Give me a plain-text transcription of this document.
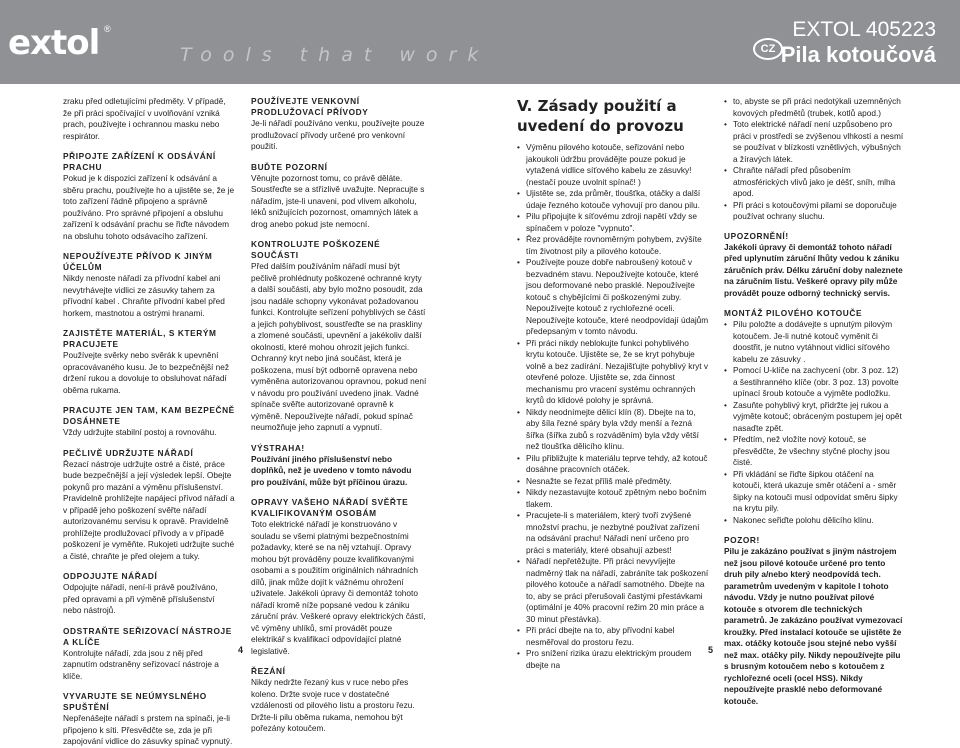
extol ®
Tools that work	CZ
EXTOL 405223
Pila kotoučová

zraku před odletujícími předměty. V případě, že při práci spočívající v uvolňování vzniká prach, používejte i ochrannou masku nebo respirátor.

PŘIPOJTE ZAŘÍZENÍ K ODSÁVÁNÍ PRACHU

Pokud je k dispozici zařízení k odsávání a sběru prachu, používejte ho a ujistěte se, že je toto zařízení řádně připojeno a správně používáno. Pro správné připojení a obsluhu zařízení k odsávání prachu se řiďte návodem na obsluhu tohoto odsávacího zařízení.

NEPOUŽÍVEJTE PŘÍVOD K JINÝM ÚČELŮM

Nikdy nenoste nářadí za přívodní kabel ani nevytrhávejte vidlici ze zásuvky tahem za přívodní kabel . Chraňte přívodní kabel před horkem, mastnotou a ostrými hranami.

ZAJISTĚTE MATERIÁL, S KTERÝM PRACUJETE

Používejte svěrky nebo svěrák k upevnění opracovávaného kusu. Je to bezpečnější než držení rukou a dovoluje to obsluhovat nářadí oběma rukama.

PRACUJTE JEN TAM, KAM BEZPEČNĚ DOSÁHNETE

Vždy udržujte stabilní postoj a rovnováhu.

PEČLIVĚ UDRŽUJTE NÁŘADÍ

Řezací nástroje udržujte ostré a čisté, práce bude bezpečnější a její výsledek lepší. Obejte pokynů pro mazání a výměnu příslušenství. Pravidelně prohlížejte napájecí přívod nářadí a v případě jeho poškození svěřte nářadí autorizovanému servisu k opravě. Pravidelně prohlížejte prodlužovací přívody a v případě poškození je vyměňte. Rukojeti udržujte suché a čisté, chraňte je před olejem a tuky.

ODPOJUJTE NÁŘADÍ

Odpojujte nářadí, není-li právě používáno, před opravami a při výměně příslušenství nebo nástrojů.

ODSTRAŇTE SEŘIZOVACÍ NÁSTROJE A KLÍČE

Kontrolujte nářadí, zda jsou z něj před zapnutím odstraněny seřizovací nástroje a klíče.

VYVARUJTE SE NEÚMYSLNÉHO SPUŠTĚNÍ

Nepřenášejte nářadí s prstem na spínači, je-li připojeno k síti. Přesvědčte se, zda je při zapojování vidlice do zásuvky spínač vypnutý.

POUŽÍVEJTE VENKOVNÍ PRODLUŽOVACÍ PŘÍVODY

Je-li nářadí používáno venku, používejte pouze prodlužovací přívody určené pro venkovní použití.

BUĎTE POZORNÍ

Věnujte pozornost tomu, co právě děláte. Soustřeďte se a střízlivě uvažujte. Nepracujte s nářadím, jste-li unaveni, pod vlivem alkoholu, léků snižujících pozornost, omamných látek a drog anebo pokud jste nemocní.

KONTROLUJTE POŠKOZENÉ SOUČÁSTI

Před dalším používáním nářadí musí být pečlivě prohlédnuty poškozené ochranné kryty a další součásti, aby bylo možno posoudit, zda jsou nadále schopny vykonávat požadovanou funkci. Kontrolujte seřízení pohyblivých se částí a jejich pohyblivost, soustřeďte se na praskliny a zlomené součásti, upevnění a jakékoliv další okolnosti, které mohou ohrozit jejich funkci. Ochranný kryt nebo jiná součást, která je poškozena, musí být odborně opravena nebo vyměněna autorizovanou opravnou, pokud není v návodu pro používání uvedeno jinak. Vadné spínače svěřte autorizované opravně k výměně. Nepoužívejte nářadí, pokud spínač neumožňuje jeho zapnutí a vypnutí.

VÝSTRAHA!

Používání jiného příslušenství nebo doplňků, než je uvedeno v tomto návodu pro používání, může být příčinou úrazu.

OPRAVY VAŠEHO NÁŘADÍ SVĚŘTE KVALIFIKOVANÝM OSOBÁM

Toto elektrické nářadí je konstruováno v souladu se všemi platnými bezpečnostními požadavky, které se na něj vztahují. Opravy mohou být prováděny pouze kvalifikovanými osobami a s použitím originálních náhradních dílů, jinak může dojít k vážnému ohrožení uživatele. Jakékoli úpravy či demontáž tohoto nářadí kromě níže popsané vedou k zániku záruční práv. Veškeré opravy elektrických částí, vč výměny uhlíků, smí provádět pouze elektrikář s kvalifikací odpovídající platné legislativě.

ŘEZÁNÍ

Nikdy nedržte řezaný kus v ruce nebo přes koleno. Držte svoje ruce v dostatečné vzdálenosti od pilového listu a prostoru řezu. Držte-li pilu oběma rukama, nemohou být pořezány kotoučem.

V. Zásady použití a uvedení do provozu
• Výměnu pilového kotouče, seřizování nebo jakoukoli údržbu provádějte pouze pokud je vytažená vidlice síťového kabelu ze zásuvky!(nestačí pouze uvolnit spínač! )
• Ujistěte se, zda průměr, tloušťka, otáčky a další údaje řezného kotouče vyhovují pro danou pilu.
• Pilu připojujte k síťovému zdroji napětí vždy se spínačem v poloze "vypnuto".
• Řez provádějte rovnoměrným pohybem, zvýšíte tím životnost pily a pilového kotouče.
• Používejte pouze dobře nabroušený kotouč v bezvadném stavu. Nepoužívejte kotouče, které jsou deformované nebo prasklé. Nepoužívejte kotouč s chybějícími či poškozenými zuby. Nepoužívejte kotouč z rychlořezné oceli. Nepoužívejte kotouče, které neodpovídají údajům předepsaným v tomto návodu.
• Při práci nikdy neblokujte funkci pohyblivého krytu kotouče. Ujistěte se, že se kryt pohybuje volně a bez zadírání. Nezajišťujte pohyblivý kryt v otevřené poloze. Ujistěte se, zda činnost mechanismu pro vracení systému ochranných krytů do klidové polohy je správná.
• Nikdy neodnímejte dělicí klín (8). Dbejte na to, aby šíla řezné spáry byla vždy menší a řezná šířka (šířka zubů s rozváděním) byla vždy větší než tloušťka dělicího klínu.
• Pilu přibližujte k materiálu teprve tehdy, až kotouč dosáhne pracovních otáček.
• Nesnažte se řezat příliš malé předměty.
• Nikdy nezastavujte kotouč zpětným nebo bočním tlakem.
• Pracujete-li s materiálem, který tvoří zvýšené množství prachu, je nezbytné používat zařízení na odsávání prachu! Nářadí není určeno pro práci s materiály, které obsahují azbest!
• Nářadí nepřetěžujte. Při práci nevyvíjejte nadměrný tlak na nářadí, zabráníte tak poškození pilového kotouče a nářadí samotného. Dbejte na to, aby se práci přerušovali častými přestávkami (optimální je 40% pracovní režim 20 min práce a 30 minut přestávka).
• Při práci dbejte na to, aby přívodní kabel nesměřoval do prostoru řezu.
• Pro snížení rizika úrazu elektrickým proudem dbejte na
• to, abyste se při práci nedotýkali uzemněných kovových předmětů (trubek, kotlů apod.)
• Toto elektrické nářadí není uzpůsobeno pro práci v prostředí se zvýšenou vlhkostí a nesmí se používat v blízkosti vznětlivých, výbušných a žíravých látek.
• Chraňte nářadí před působením atmosférických vlivů jako je déšť, sníh, mlha apod.
• Při práci s kotoučovými pilami se doporučuje používat ochrany sluchu.
UPOZORNĚNÍ!

Jakékoli úpravy či demontáž tohoto nářadí před uplynutím záruční lhůty vedou k zániku záručních práv. Délku záruční doby naleznete na záručním listu. Veškeré opravy pily může provádět pouze odborný technický servis.

MONTÁŽ PILOVÉHO KOTOUČE
• Pilu položte a dodávejte s upnutým pilovým kotoučem. Je-li nutné kotouč vyměnit či doostřit, je nutno vytáhnout vidlici síťového kabelu ze zásuvky .
• Pomocí U-klíče na zachycení (obr. 3 poz. 12) a šestihranného klíče (obr. 3 poz. 13) povolte upínací šroub kotouče a vyjměte podložku.
• Zasuňte pohyblivý kryt, přidržte jej rukou a vyjměte kotouč; obráceným postupem jej opět nasaďte zpět.
• Předtím, než vložíte nový kotouč, se přesvědčte, že všechny styčné plochy jsou čisté.
• Při vkládání se řiďte šipkou otáčení na kotouči, která ukazuje směr otáčení a - směr šipky na kotouči musí odpovídat směru šipky na krytu pily.
• Nakonec seřiďte polohu dělicího klínu.
POZOR!

Pilu je zakázáno používat s jiným nástrojem než jsou pilové kotouče určené pro tento druh pily a/nebo který neodpovídá tech. parametrům uvedeným v kapitole I tohoto návodu. Vždy je nutno používat pilové kotouče s otvorem dle technických parametrů. Je zakázáno používat vymezovací kroužky. Před instalací kotouče se ujistěte že max. otáčky kotouče jsou stejné nebo vyšší než max. otáčky pily. Nikdy nepoužívejte pilu s brusným kotoučem nebo s kotoučem z rychlořezné oceli (ocel HSS). Nikdy nepoužívejte prasklé nebo deformované kotouče.

4	5
